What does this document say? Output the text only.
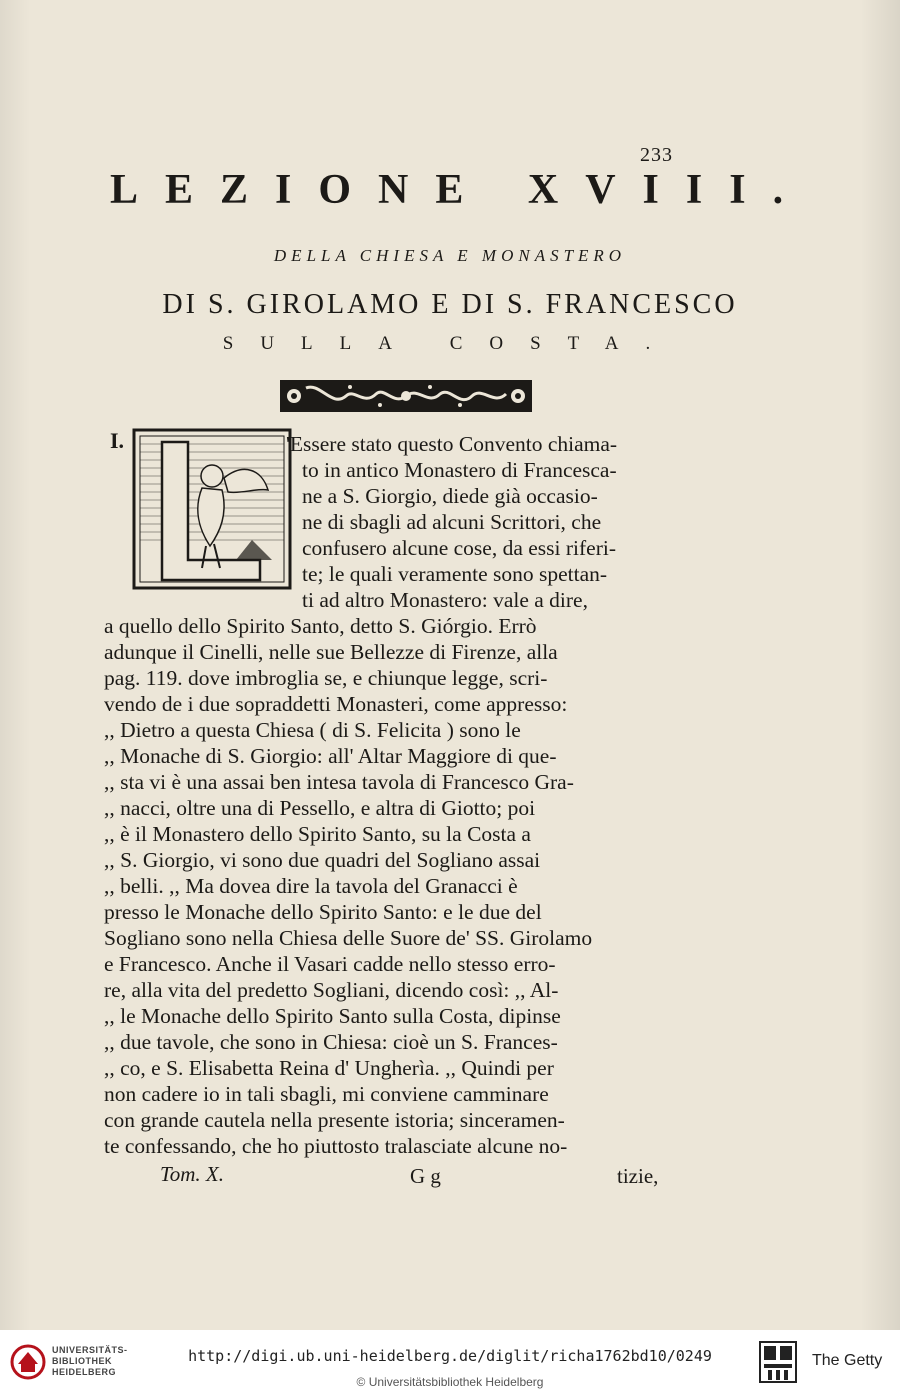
233
LEZIONE XVIII.
DELLA CHIESA E MONASTERO
DI S. GIROLAMO E DI S. FRANCESCO
SULLA COSTA.
I.	'Essere stato questo Convento chiama-
to in antico Monastero di Francesca-
ne a S. Giorgio, diede già occasio-
ne di sbagli ad alcuni Scrittori, che
confusero alcune cose, da essi riferi-
te; le quali veramente sono spettan-
ti ad altro Monastero: vale a dire,
a quello dello Spirito Santo, detto S. Giórgio. Errò
adunque il Cinelli, nelle sue Bellezze di Firenze, alla
pag. 119. dove imbroglia se, e chiunque legge, scri-
vendo de i due sopraddetti Monasteri, come appresso:
,, Dietro a questa Chiesa ( di S. Felicita ) sono le
,, Monache di S. Giorgio: all' Altar Maggiore di que-
,, sta vi è una assai ben intesa tavola di Francesco Gra-
,, nacci, oltre una di Pessello, e altra di Giotto; poi
,, è il Monastero dello Spirito Santo, su la Costa a
,, S. Giorgio, vi sono due quadri del Sogliano assai
,, belli. ,, Ma dovea dire la tavola del Granacci è
presso le Monache dello Spirito Santo: e le due del
Sogliano sono nella Chiesa delle Suore de' SS. Girolamo
e Francesco. Anche il Vasari cadde nello stesso erro-
re, alla vita del predetto Sogliani, dicendo così: ,, Al-
,, le Monache dello Spirito Santo sulla Costa, dipinse
,, due tavole, che sono in Chiesa: cioè un S. Frances-
,, co, e S. Elisabetta Reina d' Ungherìa. ,, Quindi per
non cadere io in tali sbagli, mi conviene camminare
con grande cautela nella presente istoria; sinceramen-
te confessando, che ho piuttosto tralasciate alcune no-
Tom. X.	G g	tizie,
UNIVERSITÄTS-
BIBLIOTHEK
HEIDELBERG
http://digi.ub.uni-heidelberg.de/diglit/richa1762bd10/0249
© Universitätsbibliothek Heidelberg
The Getty
